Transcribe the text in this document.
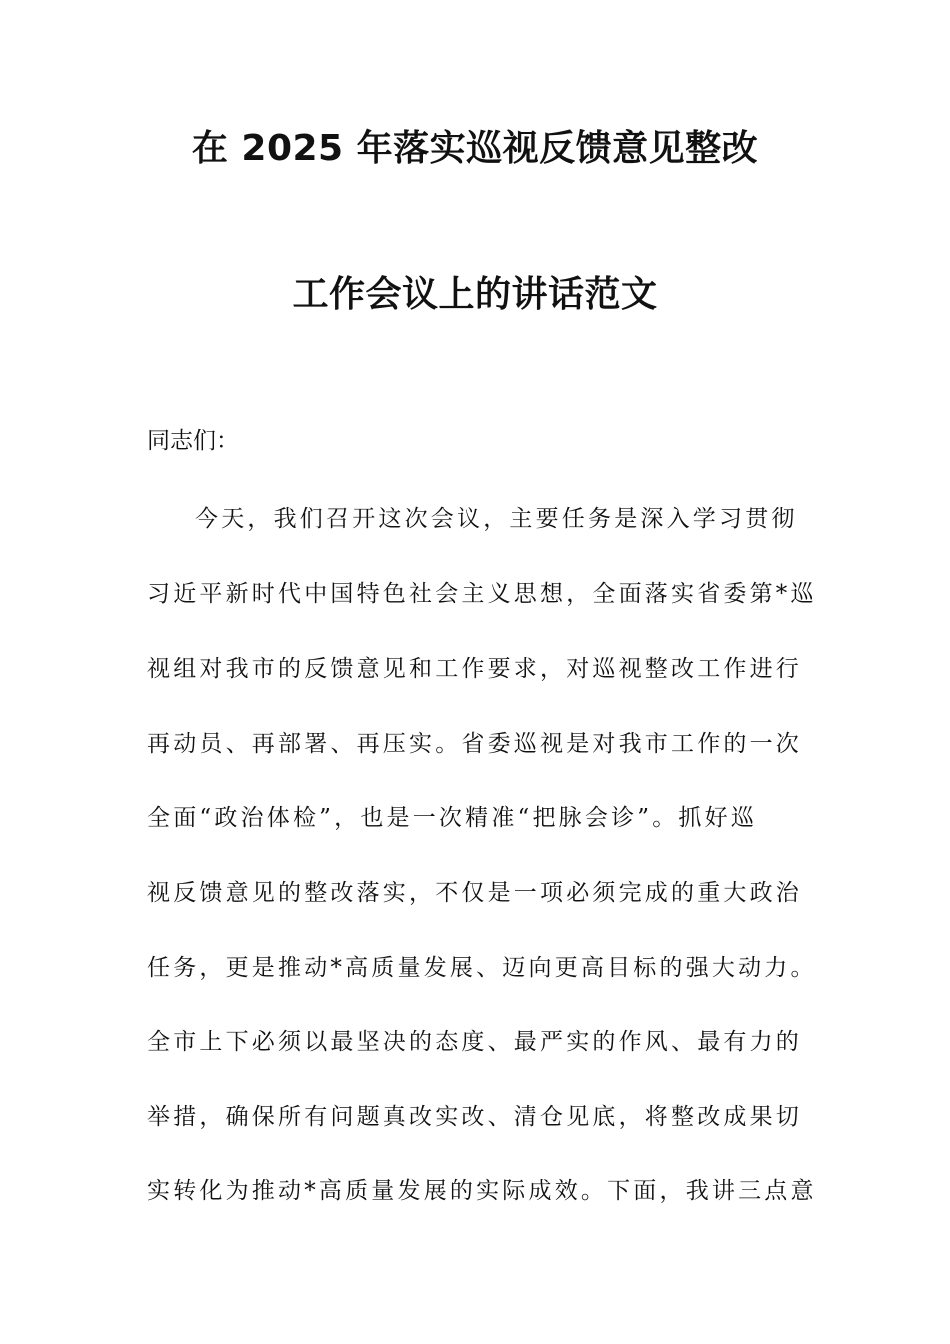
在 2025 年落实巡视反馈意见整改
工作会议上的讲话范文
同志们：
今天，我们召开这次会议，主要任务是深入学习贯彻
习近平新时代中国特色社会主义思想，全面落实省委第*巡
视组对我市的反馈意见和工作要求，对巡视整改工作进行
再动员、再部署、再压实。省委巡视是对我市工作的一次
全面“政治体检”，也是一次精准“把脉会诊”。抓好巡
视反馈意见的整改落实，不仅是一项必须完成的重大政治
任务，更是推动*高质量发展、迈向更高目标的强大动力。
全市上下必须以最坚决的态度、最严实的作风、最有力的
举措，确保所有问题真改实改、清仓见底，将整改成果切
实转化为推动*高质量发展的实际成效。下面，我讲三点意
